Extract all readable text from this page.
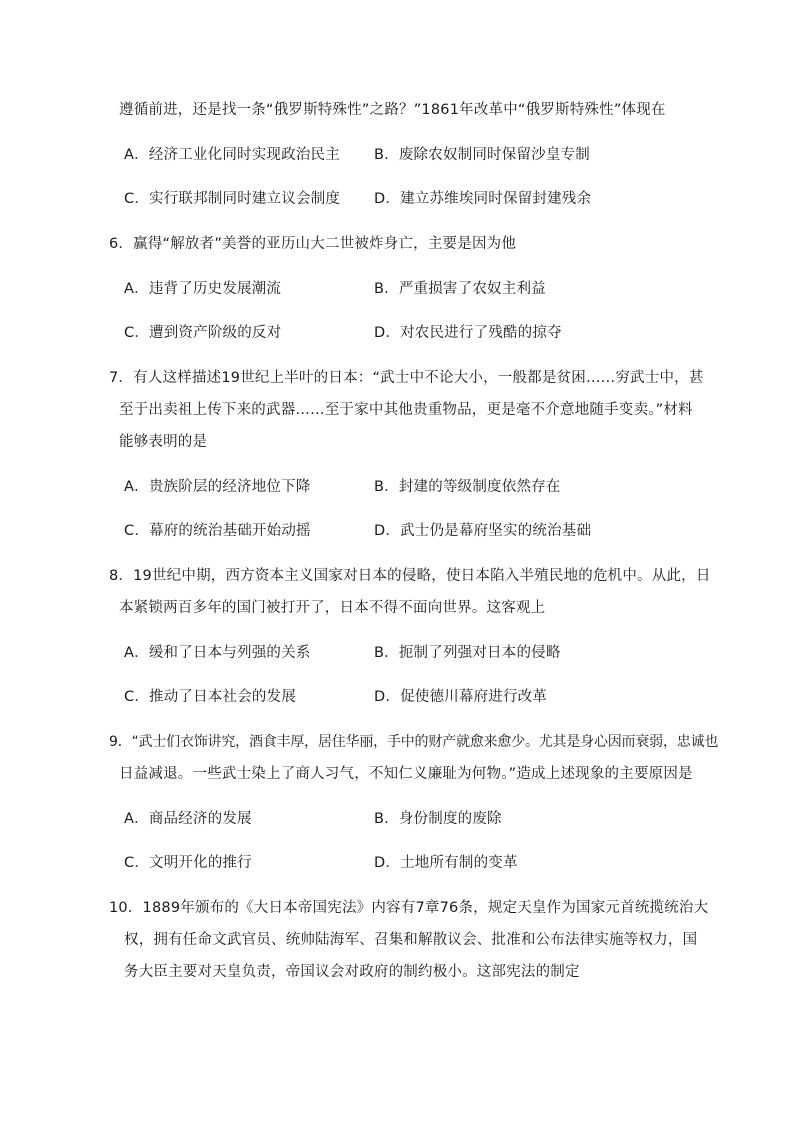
遵循前进，还是找一条“俄罗斯特殊性”之路？”1861年改革中“俄罗斯特殊性”体现在
A．经济工业化同时实现政治民主 B．废除农奴制同时保留沙皇专制
C．实行联邦制同时建立议会制度 D．建立苏维埃同时保留封建残余
6．赢得“解放者”美誉的亚历山大二世被炸身亡，主要是因为他
A．违背了历史发展潮流	B．严重损害了农奴主利益
C．遭到资产阶级的反对	D．对农民进行了残酷的掠夺
7．有人这样描述19世纪上半叶的日本：“武士中不论大小，一般都是贫困……穷武士中，甚
至于出卖祖上传下来的武器……至于家中其他贵重物品，更是毫不介意地随手变卖。”材料
能够表明的是
A．贵族阶层的经济地位下降	B．封建的等级制度依然存在
C．幕府的统治基础开始动摇	D．武士仍是幕府坚实的统治基础
8．19世纪中期，西方资本主义国家对日本的侵略，使日本陷入半殖民地的危机中。从此，日
本紧锁两百多年的国门被打开了，日本不得不面向世界。这客观上
A．缓和了日本与列强的关系	B．扼制了列强对日本的侵略
C．推动了日本社会的发展	D．促使德川幕府进行改革
9．“武士们衣饰讲究，酒食丰厚，居住华丽，手中的财产就愈来愈少。尤其是身心因而衰弱，忠诚也
日益减退。一些武士染上了商人习气，不知仁义廉耻为何物。”造成上述现象的主要原因是
A．商品经济的发展	B．身份制度的废除
C．文明开化的推行	D．土地所有制的变革
10．1889年颁布的《大日本帝国宪法》内容有7章76条，规定天皇作为国家元首统揽统治大
权，拥有任命文武官员、统帅陆海军、召集和解散议会、批准和公布法律实施等权力，国
务大臣主要对天皇负责，帝国议会对政府的制约极小。这部宪法的制定
